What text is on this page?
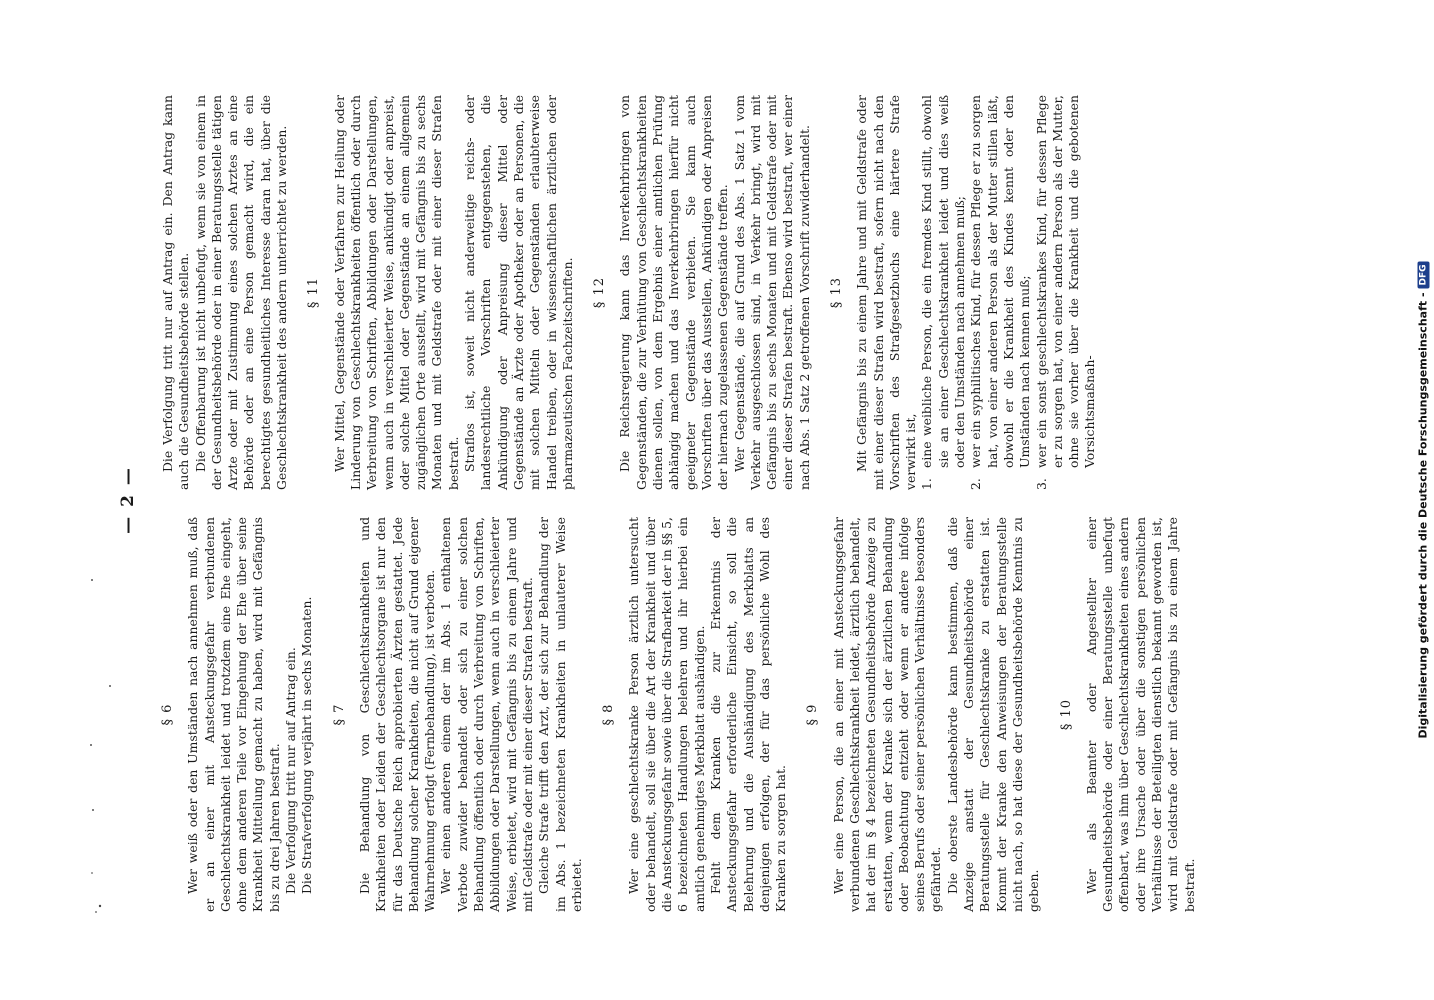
— 2 —
§ 6 Wer weiß oder den Umständen nach annehmen muß, daß er an einer mit Ansteckungsgefahr verbundenen Geschlechtskrankheit leidet und trotzdem eine Ehe eingeht, ohne dem anderen Teile vor Eingehung der Ehe über seine Krankheit Mitteilung gemacht zu haben, wird mit Gefängnis bis zu drei Jahren bestraft. Die Verfolgung tritt nur auf Antrag ein. Die Strafverfolgung verjährt in sechs Monaten. § 7 Die Behandlung von Geschlechtskrankheiten und Krankheiten oder Leiden der Geschlechtsorgane ist nur den für das Deutsche Reich approbierten Ärzten gestattet. Jede Behandlung solcher Krankheiten, die nicht auf Grund eigener Wahrnehmung erfolgt (Fernbehandlung), ist verboten. Wer einen anderen einem der im Abs. 1 enthaltenen Verbote zuwider behandelt oder sich zu einer solchen Behandlung öffentlich oder durch Verbreitung von Schriften, Abbildungen oder Darstellungen, wenn auch in verschleierter Weise, erbietet, wird mit Gefängnis bis zu einem Jahre und mit Geldstrafe oder mit einer dieser Strafen bestraft. Gleiche Strafe trifft den Arzt, der sich zur Behandlung der im Abs. 1 bezeichneten Krankheiten in unlauterer Weise erbietet.

§ 8 Wer eine geschlechtskranke Person ärztlich untersucht oder behandelt, soll sie über die Art der Krankheit und über die Ansteckungsgefahr sowie über die Strafbarkeit der in §§ 5, 6 bezeichneten Handlungen belehren und ihr hierbei ein amtlich genehmigtes Merkblatt aushändigen. Fehlt dem Kranken die zur Erkenntnis der Ansteckungsgefahr erforderliche Einsicht, so soll die Belehrung und die Aushändigung des Merkblatts an denjenigen erfolgen, der für das persönliche Wohl des Kranken zu sorgen hat.

§ 9 Wer eine Person, die an einer mit Ansteckungsgefahr verbundenen Geschlechtskrankheit leidet, ärztlich behandelt, hat der im § 4 bezeichneten Gesundheitsbehörde Anzeige zu erstatten, wenn der Kranke sich der ärztlichen Behandlung oder Beobachtung entzieht oder wenn er andere infolge seines Berufs oder seiner persönlichen Verhältnisse besonders gefährdet. Die oberste Landesbehörde kann bestimmen, daß die Anzeige anstatt der Gesundheitsbehörde einer Beratungsstelle für Geschlechtskranke zu erstatten ist. Kommt der Kranke den Anweisungen der Beratungsstelle nicht nach, so hat diese der Gesundheitsbehörde Kenntnis zu geben.

§ 10 Wer als Beamter oder Angestellter einer Gesundheitsbehörde oder einer Beratungsstelle unbefugt offenbart, was ihm über Geschlechtskrankheiten eines andern oder ihre Ursache oder über die sonstigen persönlichen Verhältnisse der Beteiligten dienstlich bekannt geworden ist, wird mit Geldstrafe oder mit Gefängnis bis zu einem Jahre bestraft.

Die Verfolgung tritt nur auf Antrag ein. Den Antrag kann auch die Gesundheitsbehörde stellen. Die Offenbarung ist nicht unbefugt, wenn sie von einem in der Gesundheitsbehörde oder in einer Beratungsstelle tätigen Arzte oder mit Zustimmung eines solchen Arztes an eine Behörde oder an eine Person gemacht wird, die ein berechtigtes gesundheitliches Interesse daran hat, über die Geschlechtskrankheit des andern unterrichtet zu werden. § 11 Wer Mittel, Gegenstände oder Verfahren zur Heilung oder Linderung von Geschlechtskrankheiten öffentlich oder durch Verbreitung von Schriften, Abbildungen oder Darstellungen, wenn auch in verschleierter Weise, ankündigt oder anpreist, oder solche Mittel oder Gegenstände an einem allgemein zugänglichen Orte ausstellt, wird mit Gefängnis bis zu sechs Monaten und mit Geldstrafe oder mit einer dieser Strafen bestraft. Straflos ist, soweit nicht anderweitige reichs- oder landesrechtliche Vorschriften entgegenstehen, die Ankündigung oder Anpreisung dieser Mittel oder Gegenstände an Ärzte oder Apotheker oder an Personen, die mit solchen Mitteln oder Gegenständen erlaubterweise Handel treiben, oder in wissenschaftlichen ärztlichen oder pharmazeutischen Fachzeitschriften. § 12 Die Reichsregierung kann das Inverkehrbringen von Gegenständen, die zur Verhütung von Geschlechtskrankheiten dienen sollen, von dem Ergebnis einer amtlichen Prüfung abhängig machen und das Inverkehrbringen hierfür nicht geeigneter Gegenstände verbieten. Sie kann auch Vorschriften über das Ausstellen, Ankündigen oder Anpreisen der hiernach zugelassenen Gegenstände treffen. Wer Gegenstände, die auf Grund des Abs. 1 Satz 1 vom Verkehr ausgeschlossen sind, in Verkehr bringt, wird mit Gefängnis bis zu sechs Monaten und mit Geldstrafe oder mit einer dieser Strafen bestraft. Ebenso wird bestraft, wer einer nach Abs. 1 Satz 2 getroffenen Vorschrift zuwiderhandelt. § 13 Mit Gefängnis bis zu einem Jahre und mit Geldstrafe oder mit einer dieser Strafen wird bestraft, sofern nicht nach den Vorschriften des Strafgesetzbuchs eine härtere Strafe verwirkt ist, 1.
eine weibliche Person, die ein fremdes Kind stillt, obwohl sie an einer Geschlechtskrankheit leidet und dies weiß oder den Umständen nach annehmen muß;
2.
wer ein syphilitisches Kind, für dessen Pflege er zu sorgen hat, von einer anderen Person als der Mutter stillen läßt, obwohl er die Krankheit des Kindes kennt oder den Umständen nach kennen muß;
3.
wer ein sonst geschlechtskrankes Kind, für dessen Pflege er zu sorgen hat, von einer andern Person als der Mutter, ohne sie vorher über die Krankheit und die gebotenen Vorsichtsmaßnah-	Digitalisierung gefördert durch die Deutsche Forschungsgemeinschaft -
DFG
